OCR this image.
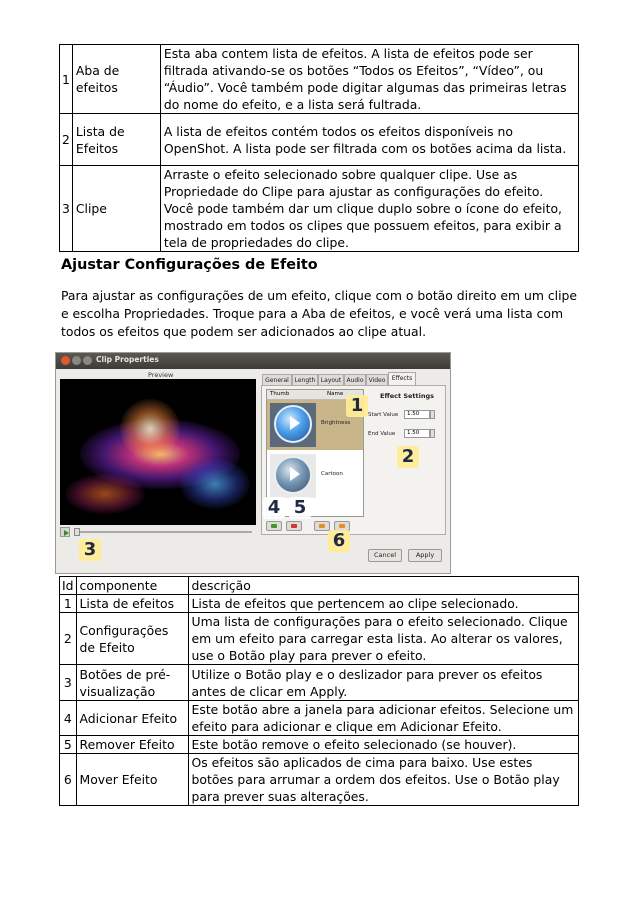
1	Aba de efeitos	Esta aba contem lista de efeitos. A lista de efeitos pode ser filtrada ativando-se os botões “Todos os Efeitos”, “Vídeo”, ou “Áudio”. Você também pode digitar algumas das primeiras letras do nome do efeito, e a lista será fultrada.
2	Lista de Efeitos	A lista de efeitos contém todos os efeitos disponíveis no OpenShot. A lista pode ser filtrada com os botões acima da lista.
3	Clipe	Arraste o efeito selecionado sobre qualquer clipe. Use as Propriedade do Clipe para ajustar as configurações do efeito. Você pode também dar um clique duplo sobre o ícone do efeito, mostrado em todos os clipes que possuem efeitos, para exibir a tela de propriedades do clipe.
Ajustar Configurações de Efeito

Para ajustar as configurações de um efeito, clique com o botão direito em um clipe e escolha Propriedades. Troque para a Aba de efeitos, e você verá uma lista com todos os efeitos que podem ser adicionados ao clipe atual.

Clip Properties
Preview
General Length Layout Audio Video	Effects
Thumb	Name
Brightness
Cartoon
Effect Settings
Start Value	1.50
End Value	1.50
Cancel	Apply
1
2
3
4 5
6
Id	componente	descrição
1	Lista de efeitos	Lista de efeitos que pertencem ao clipe selecionado.
2	Configurações de Efeito	Uma lista de configurações para o efeito selecionado. Clique em um efeito para carregar esta lista. Ao alterar os valores, use o Botão play para prever o efeito.
3	Botões de pré-visualização	Utilize o Botão play e o deslizador para prever os efeitos antes de clicar em Apply.
4	Adicionar Efeito	Este botão abre a janela para adicionar efeitos. Selecione um efeito para adicionar e clique em Adicionar Efeito.
5	Remover Efeito	Este botão remove o efeito selecionado (se houver).
6	Mover Efeito	Os efeitos são aplicados de cima para baixo. Use estes botões para arrumar a ordem dos efeitos. Use o Botão play para prever suas alterações.
